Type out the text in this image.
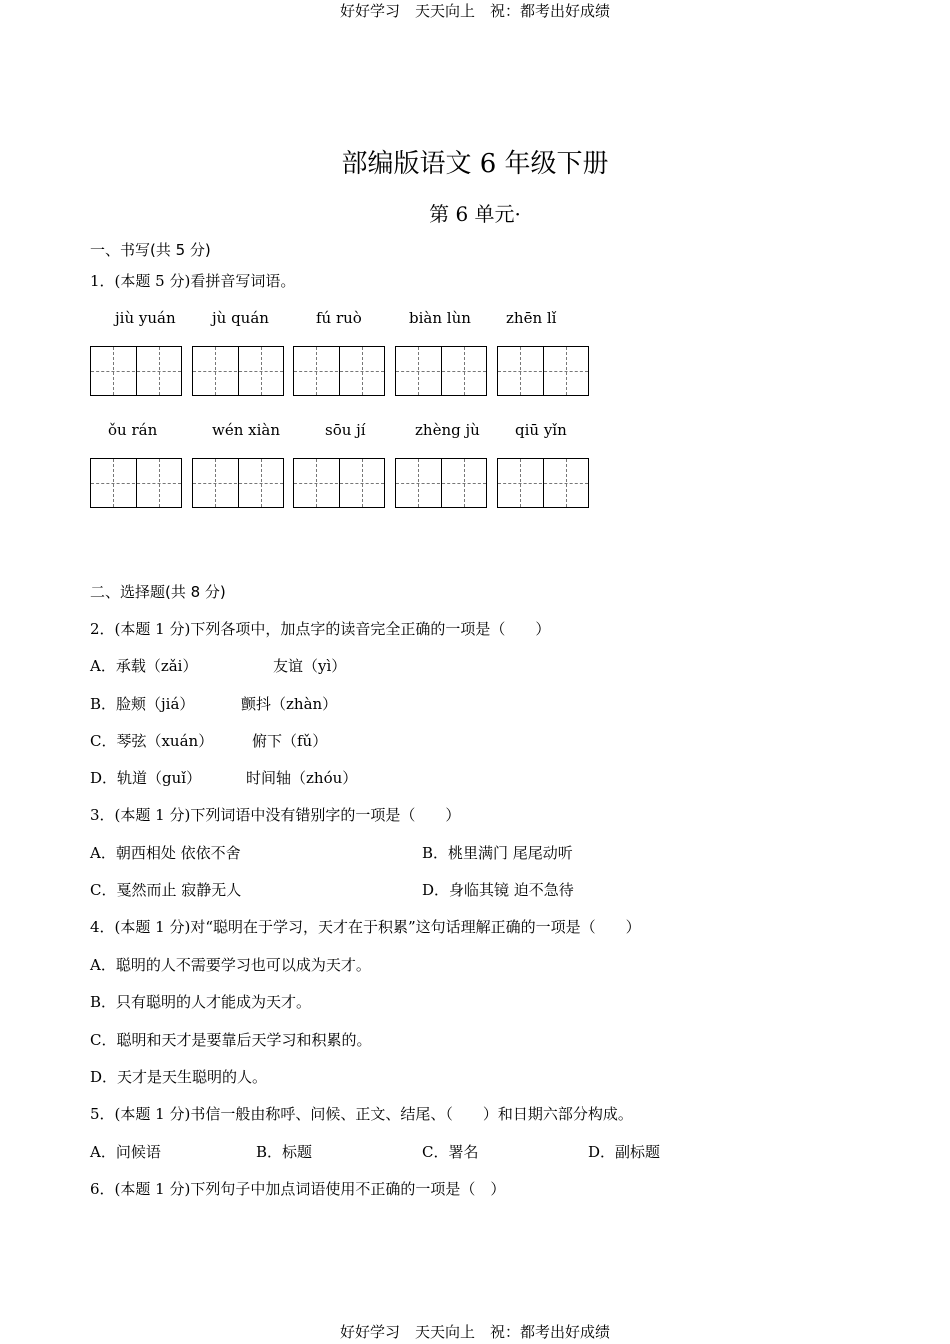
好好学习　天天向上　祝：都考出好成绩
部编版语文 6 年级下册
第 6 单元·
一、书写(共 5 分)
1．(本题 5 分)看拼音写词语。
jiù yuán jù quán	fú ruò	biàn lùn zhēn lǐ
ǒu rán	wén xiàn	sōu jí	zhèng jù qiū yǐn
二、选择题(共 8 分)
2．(本题 1 分)下列各项中，加点字的读音完全正确的一项是（　　）
A．承载（zǎi）	友谊（yì）
B．脸颊（jiá）	颤抖（zhàn）
C．琴弦（xuán）	俯下（fǔ）
D．轨道（guǐ）	时间轴（zhóu）
3．(本题 1 分)下列词语中没有错别字的一项是（　　）
A．朝西相处 依依不舍	B．桃里满门 尾尾动听
C．戛然而止 寂静无人	D．身临其镜 迫不急待
4．(本题 1 分)对“聪明在于学习，天才在于积累”这句话理解正确的一项是（　　）
A．聪明的人不需要学习也可以成为天才。
B．只有聪明的人才能成为天才。
C．聪明和天才是要靠后天学习和积累的。
D．天才是天生聪明的人。
5．(本题 1 分)书信一般由称呼、问候、正文、结尾、（　　）和日期六部分构成。
A．问候语	B．标题	C．署名	D．副标题
6．(本题 1 分)下列句子中加点词语使用不正确的一项是（　）
好好学习　天天向上　祝：都考出好成绩
